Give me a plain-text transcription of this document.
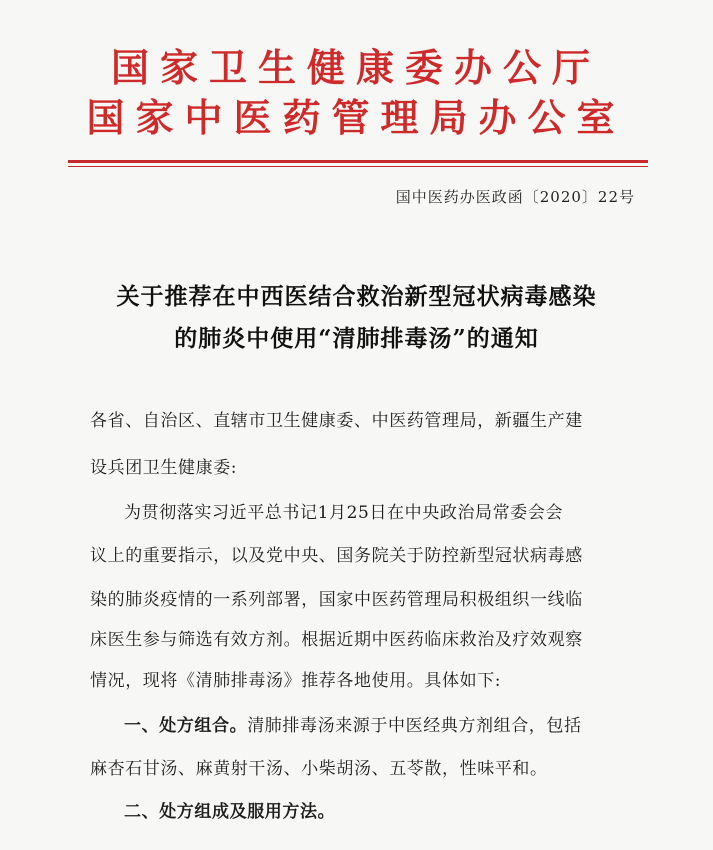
国家卫生健康委办公厅
国家中医药管理局办公室
国中医药办医政函〔2020〕22号
关于推荐在中西医结合救治新型冠状病毒感染
的肺炎中使用“清肺排毒汤”的通知
各省、自治区、直辖市卫生健康委、中医药管理局，新疆生产建
设兵团卫生健康委:
为贯彻落实习近平总书记1月25日在中央政治局常委会会
议上的重要指示，以及党中央、国务院关于防控新型冠状病毒感
染的肺炎疫情的一系列部署，国家中医药管理局积极组织一线临
床医生参与筛选有效方剂。根据近期中医药临床救治及疗效观察
情况，现将《清肺排毒汤》推荐各地使用。具体如下:
一、处方组合。清肺排毒汤来源于中医经典方剂组合，包括
麻杏石甘汤、麻黄射干汤、小柴胡汤、五苓散，性味平和。
二、处方组成及服用方法。
